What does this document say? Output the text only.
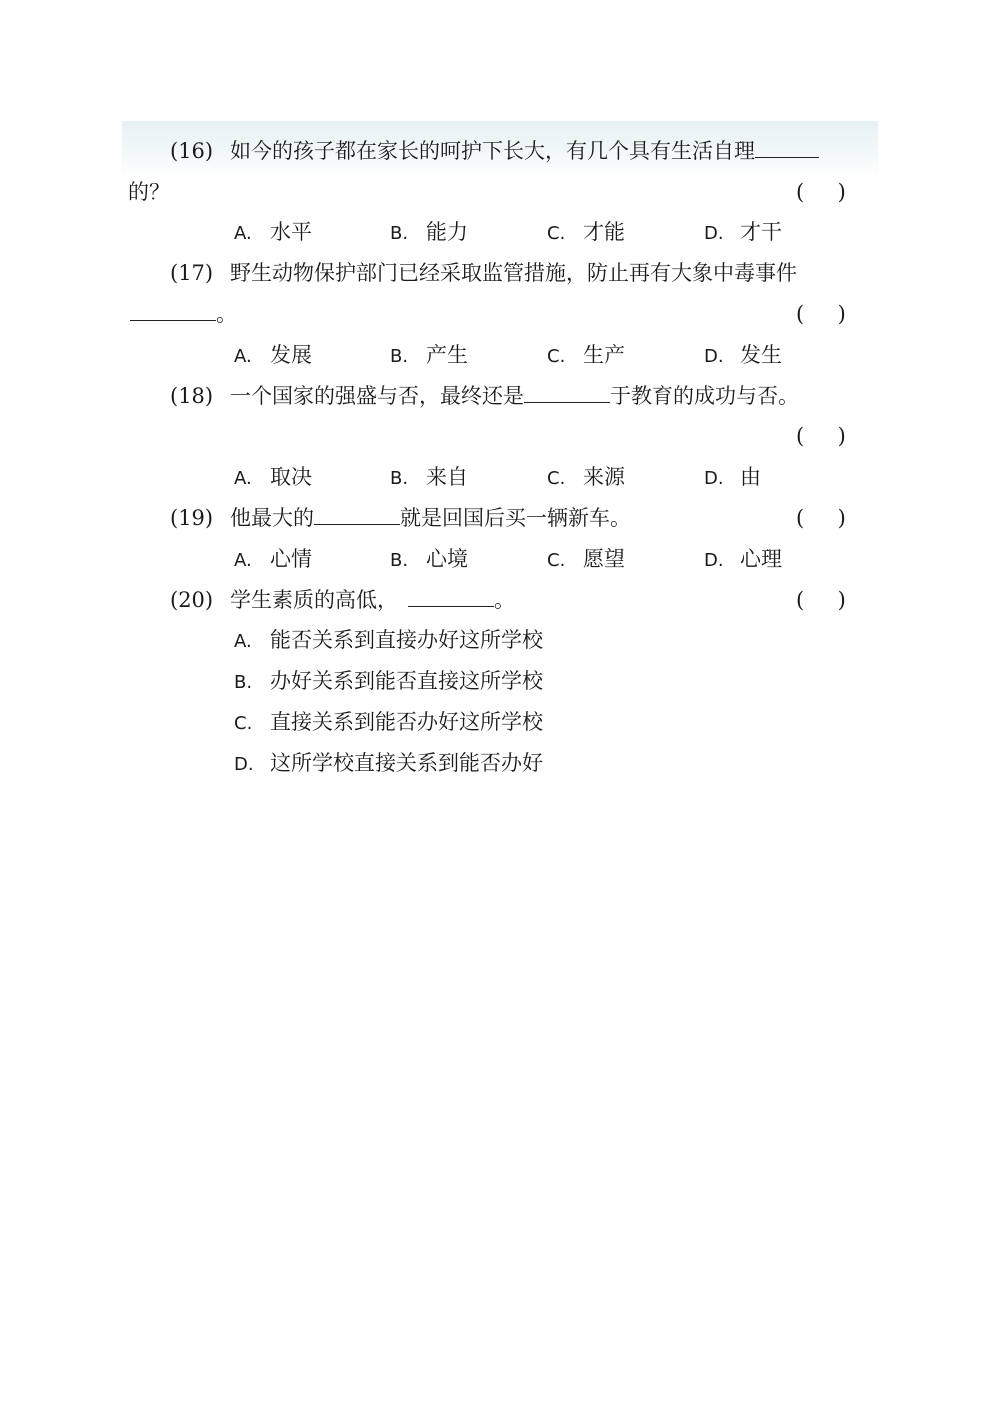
(16) 如今的孩子都在家长的呵护下长大，有几个具有生活自理
的？	(     )
A. 水平	B. 能力	C. 才能	D. 才干
(17) 野生动物保护部门已经采取监管措施，防止再有大象中毒事件
。	(     )
A. 发展	B. 产生	C. 生产	D. 发生
(18) 一个国家的强盛与否，最终还是	于教育的成功与否。
(     )
A. 取决	B. 来自	C. 来源	D. 由
(19) 他最大的	就是回国后买一辆新车。	(     )
A. 心情	B. 心境	C. 愿望	D. 心理
(20) 学生素质的高低，	。	(     )
A. 能否关系到直接办好这所学校
B. 办好关系到能否直接这所学校
C. 直接关系到能否办好这所学校
D. 这所学校直接关系到能否办好
